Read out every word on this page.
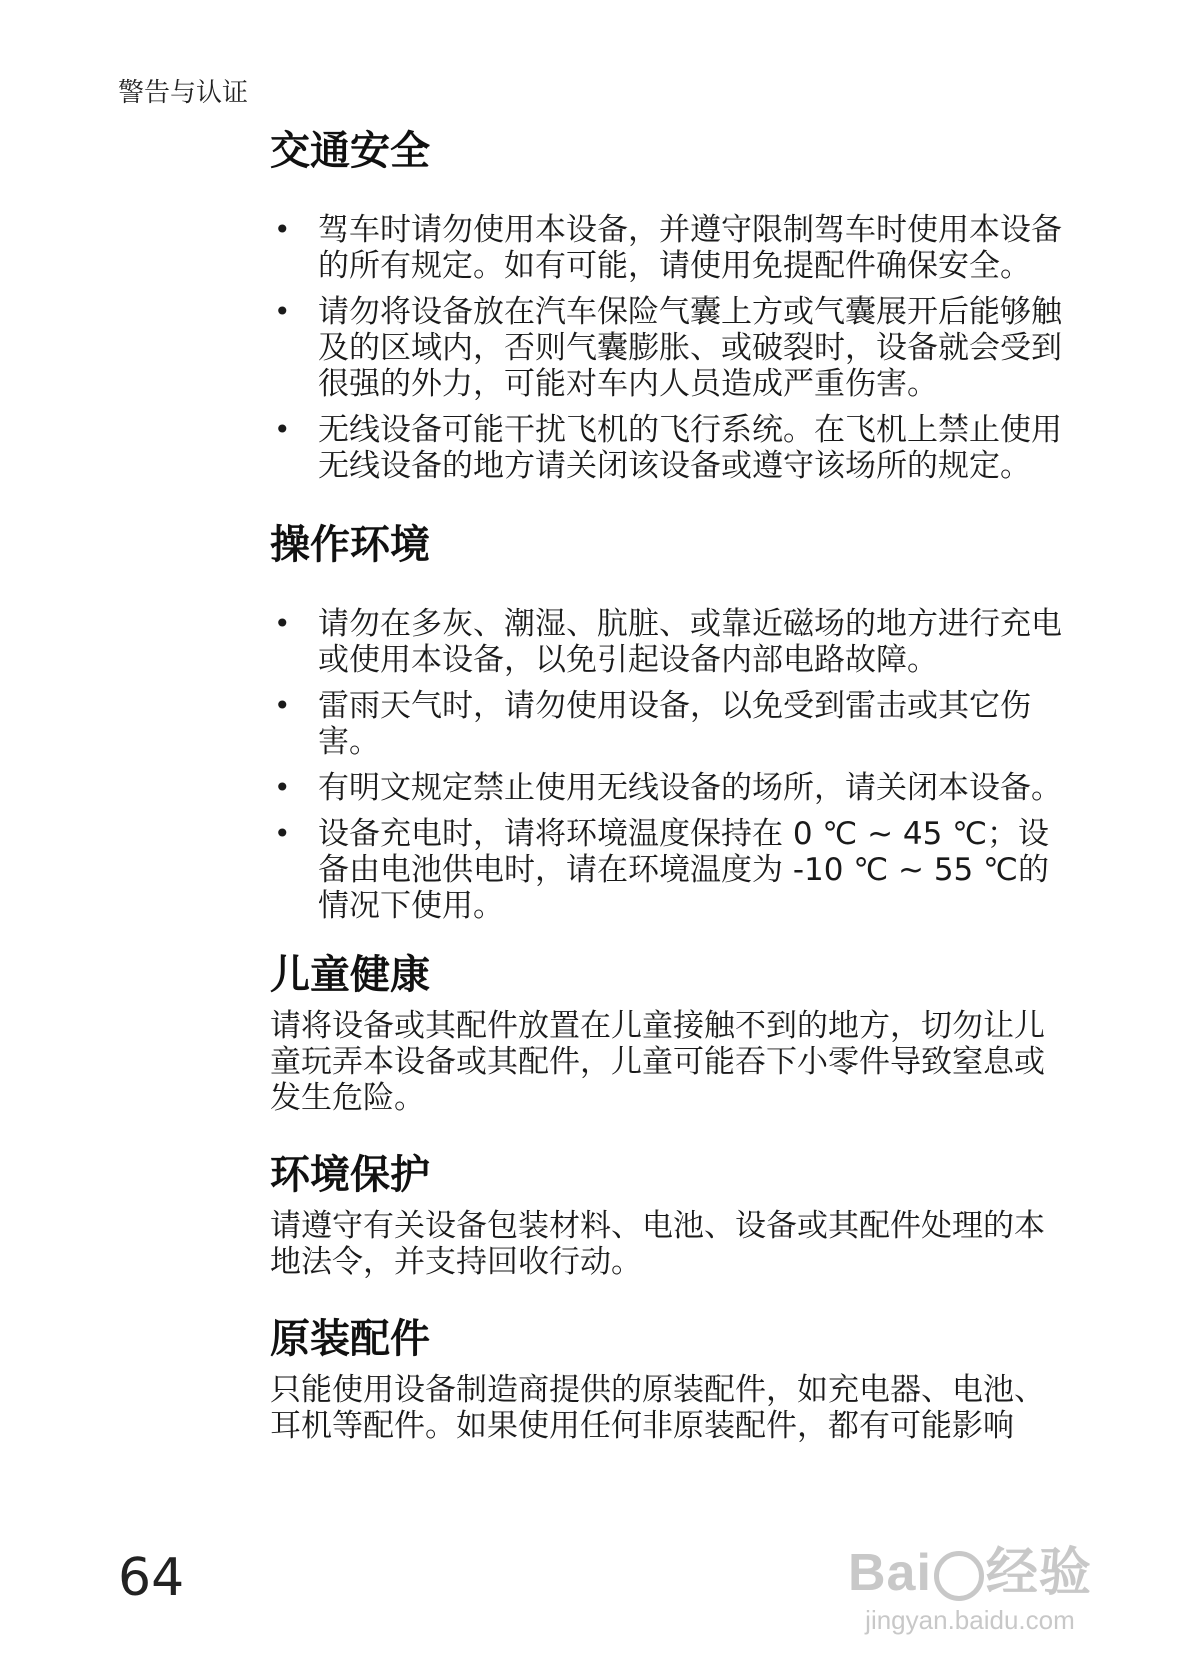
警告与认证
交通安全
• 驾车时请勿使用本设备，并遵守限制驾车时使用本设备的所有规定。如有可能，请使用免提配件确保安全。
• 请勿将设备放在汽车保险气囊上方或气囊展开后能够触及的区域内，否则气囊膨胀、或破裂时，设备就会受到很强的外力，可能对车内人员造成严重伤害。
• 无线设备可能干扰飞机的飞行系统。在飞机上禁止使用无线设备的地方请关闭该设备或遵守该场所的规定。
操作环境
• 请勿在多灰、潮湿、肮脏、或靠近磁场的地方进行充电或使用本设备，以免引起设备内部电路故障。
• 雷雨天气时，请勿使用设备，以免受到雷击或其它伤害。
• 有明文规定禁止使用无线设备的场所，请关闭本设备。
• 设备充电时，请将环境温度保持在 0 ℃ ~ 45 ℃；设备由电池供电时，请在环境温度为 -10 ℃ ~ 55 ℃的情况下使用。
儿童健康

请将设备或其配件放置在儿童接触不到的地方，切勿让儿童玩弄本设备或其配件，儿童可能吞下小零件导致窒息或发生危险。

环境保护

请遵守有关设备包装材料、电池、设备或其配件处理的本地法令，并支持回收行动。

原装配件

只能使用设备制造商提供的原装配件，如充电器、电池、耳机等配件。如果使用任何非原装配件，都有可能影响

64	Bai 经验
jingyan.baidu.com
